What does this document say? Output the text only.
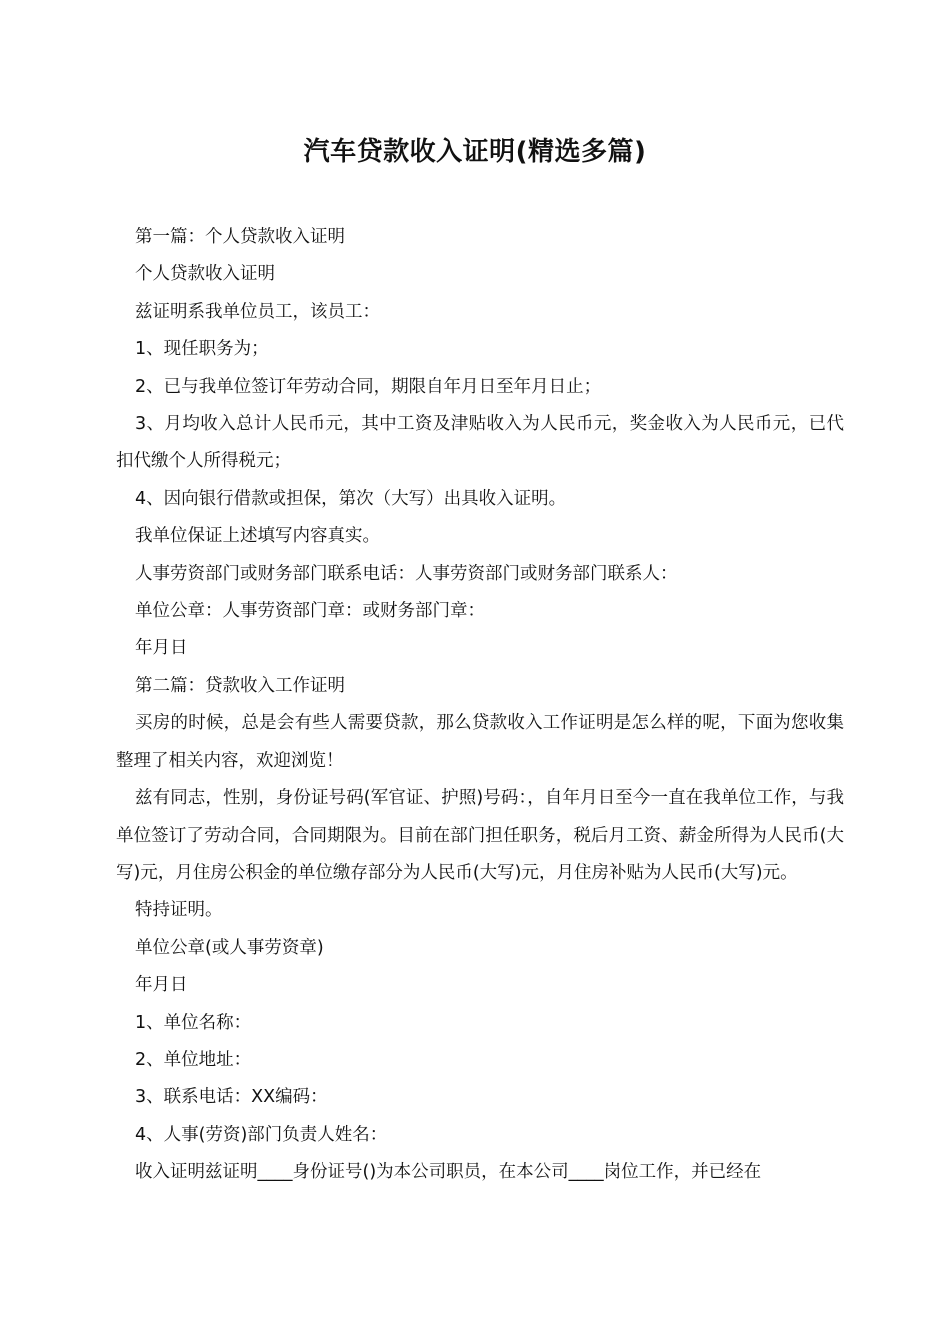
汽车贷款收入证明(精选多篇)

第一篇：个人贷款收入证明

个人贷款收入证明

兹证明系我单位员工，该员工：

1、现任职务为；

2、已与我单位签订年劳动合同，期限自年月日至年月日止；

3、月均收入总计人民币元，其中工资及津贴收入为人民币元，奖金收入为人民币元，已代扣代缴个人所得税元；

4、因向银行借款或担保，第次（大写）出具收入证明。

我单位保证上述填写内容真实。

人事劳资部门或财务部门联系电话：人事劳资部门或财务部门联系人：

单位公章：人事劳资部门章：或财务部门章：

年月日

第二篇：贷款收入工作证明

买房的时候，总是会有些人需要贷款，那么贷款收入工作证明是怎么样的呢，下面为您收集整理了相关内容，欢迎浏览！

兹有同志，性别，身份证号码(军官证、护照)号码：，自年月日至今一直在我单位工作，与我单位签订了劳动合同，合同期限为。目前在部门担任职务，税后月工资、薪金所得为人民币(大写)元，月住房公积金的单位缴存部分为人民币(大写)元，月住房补贴为人民币(大写)元。

特持证明。

单位公章(或人事劳资章)

年月日

1、单位名称：

2、单位地址：

3、联系电话：XX编码：

4、人事(劳资)部门负责人姓名：

收入证明兹证明____身份证号()为本公司职员，在本公司____岗位工作，并已经在
